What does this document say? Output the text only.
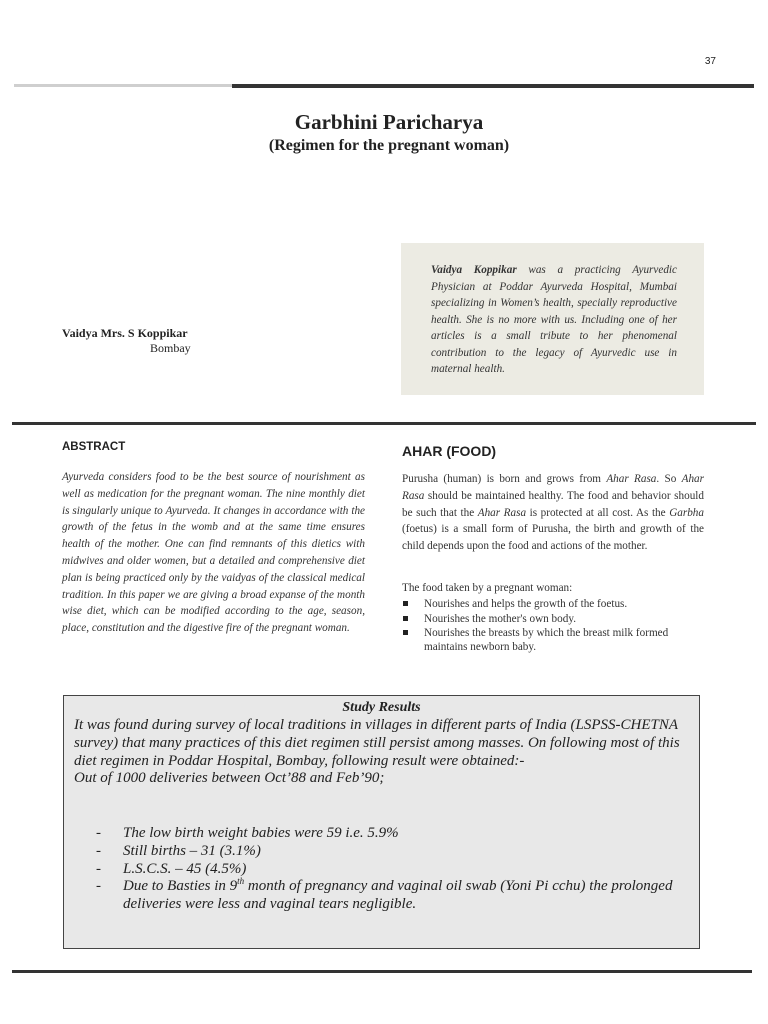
37
Garbhini Paricharya
(Regimen for the pregnant woman)
Vaidya Mrs. S Koppikar
Bombay
Vaidya Koppikar was a practicing Ayurvedic Physician at Poddar Ayurveda Hospital, Mumbai specializing in Women’s health, specially reproductive health. She is no more with us. Including one of her articles is a small tribute to her phenomenal contribution to the legacy of Ayurvedic use in maternal health.
ABSTRACT
Ayurveda considers food to be the best source of nourishment as well as medication for the pregnant woman. The nine monthly diet is singularly unique to Ayurveda. It changes in accordance with the growth of the fetus in the womb and at the same time ensures health of the mother. One can find remnants of this dietics with midwives and older women, but a detailed and comprehensive diet plan is being practiced only by the vaidyas of the classical medical tradition. In this paper we are giving a broad expanse of the month wise diet, which can be modified according to the age, season, place, constitution and the digestive fire of the pregnant woman.
AHAR (FOOD)
Purusha (human) is born and grows from Ahar Rasa. So Ahar Rasa should be maintained healthy. The food and behavior should be such that the Ahar Rasa is protected at all cost. As the Garbha (foetus) is a small form of Purusha, the birth and growth of the child depends upon the food and actions of the mother.
The food taken by a pregnant woman:
Nourishes and helps the growth of the foetus.
Nourishes the mother's own body.
Nourishes the breasts by which the breast milk formed maintains newborn baby.
Study Results
It was found during survey of local traditions in villages in different parts of India (LSPSS-CHETNA survey) that many practices of this diet regimen still persist among masses. On following most of this diet regimen in Poddar Hospital, Bombay, following result were obtained:-
Out of 1000 deliveries between Oct’88 and Feb’90;
- The low birth weight babies were 59 i.e. 5.9%
- Still births – 31 (3.1%)
- L.S.C.S. – 45 (4.5%)
- Due to Basties in 9th month of pregnancy and vaginal oil swab (Yoni Pi cchu) the prolonged deliveries were less and vaginal tears negligible.
